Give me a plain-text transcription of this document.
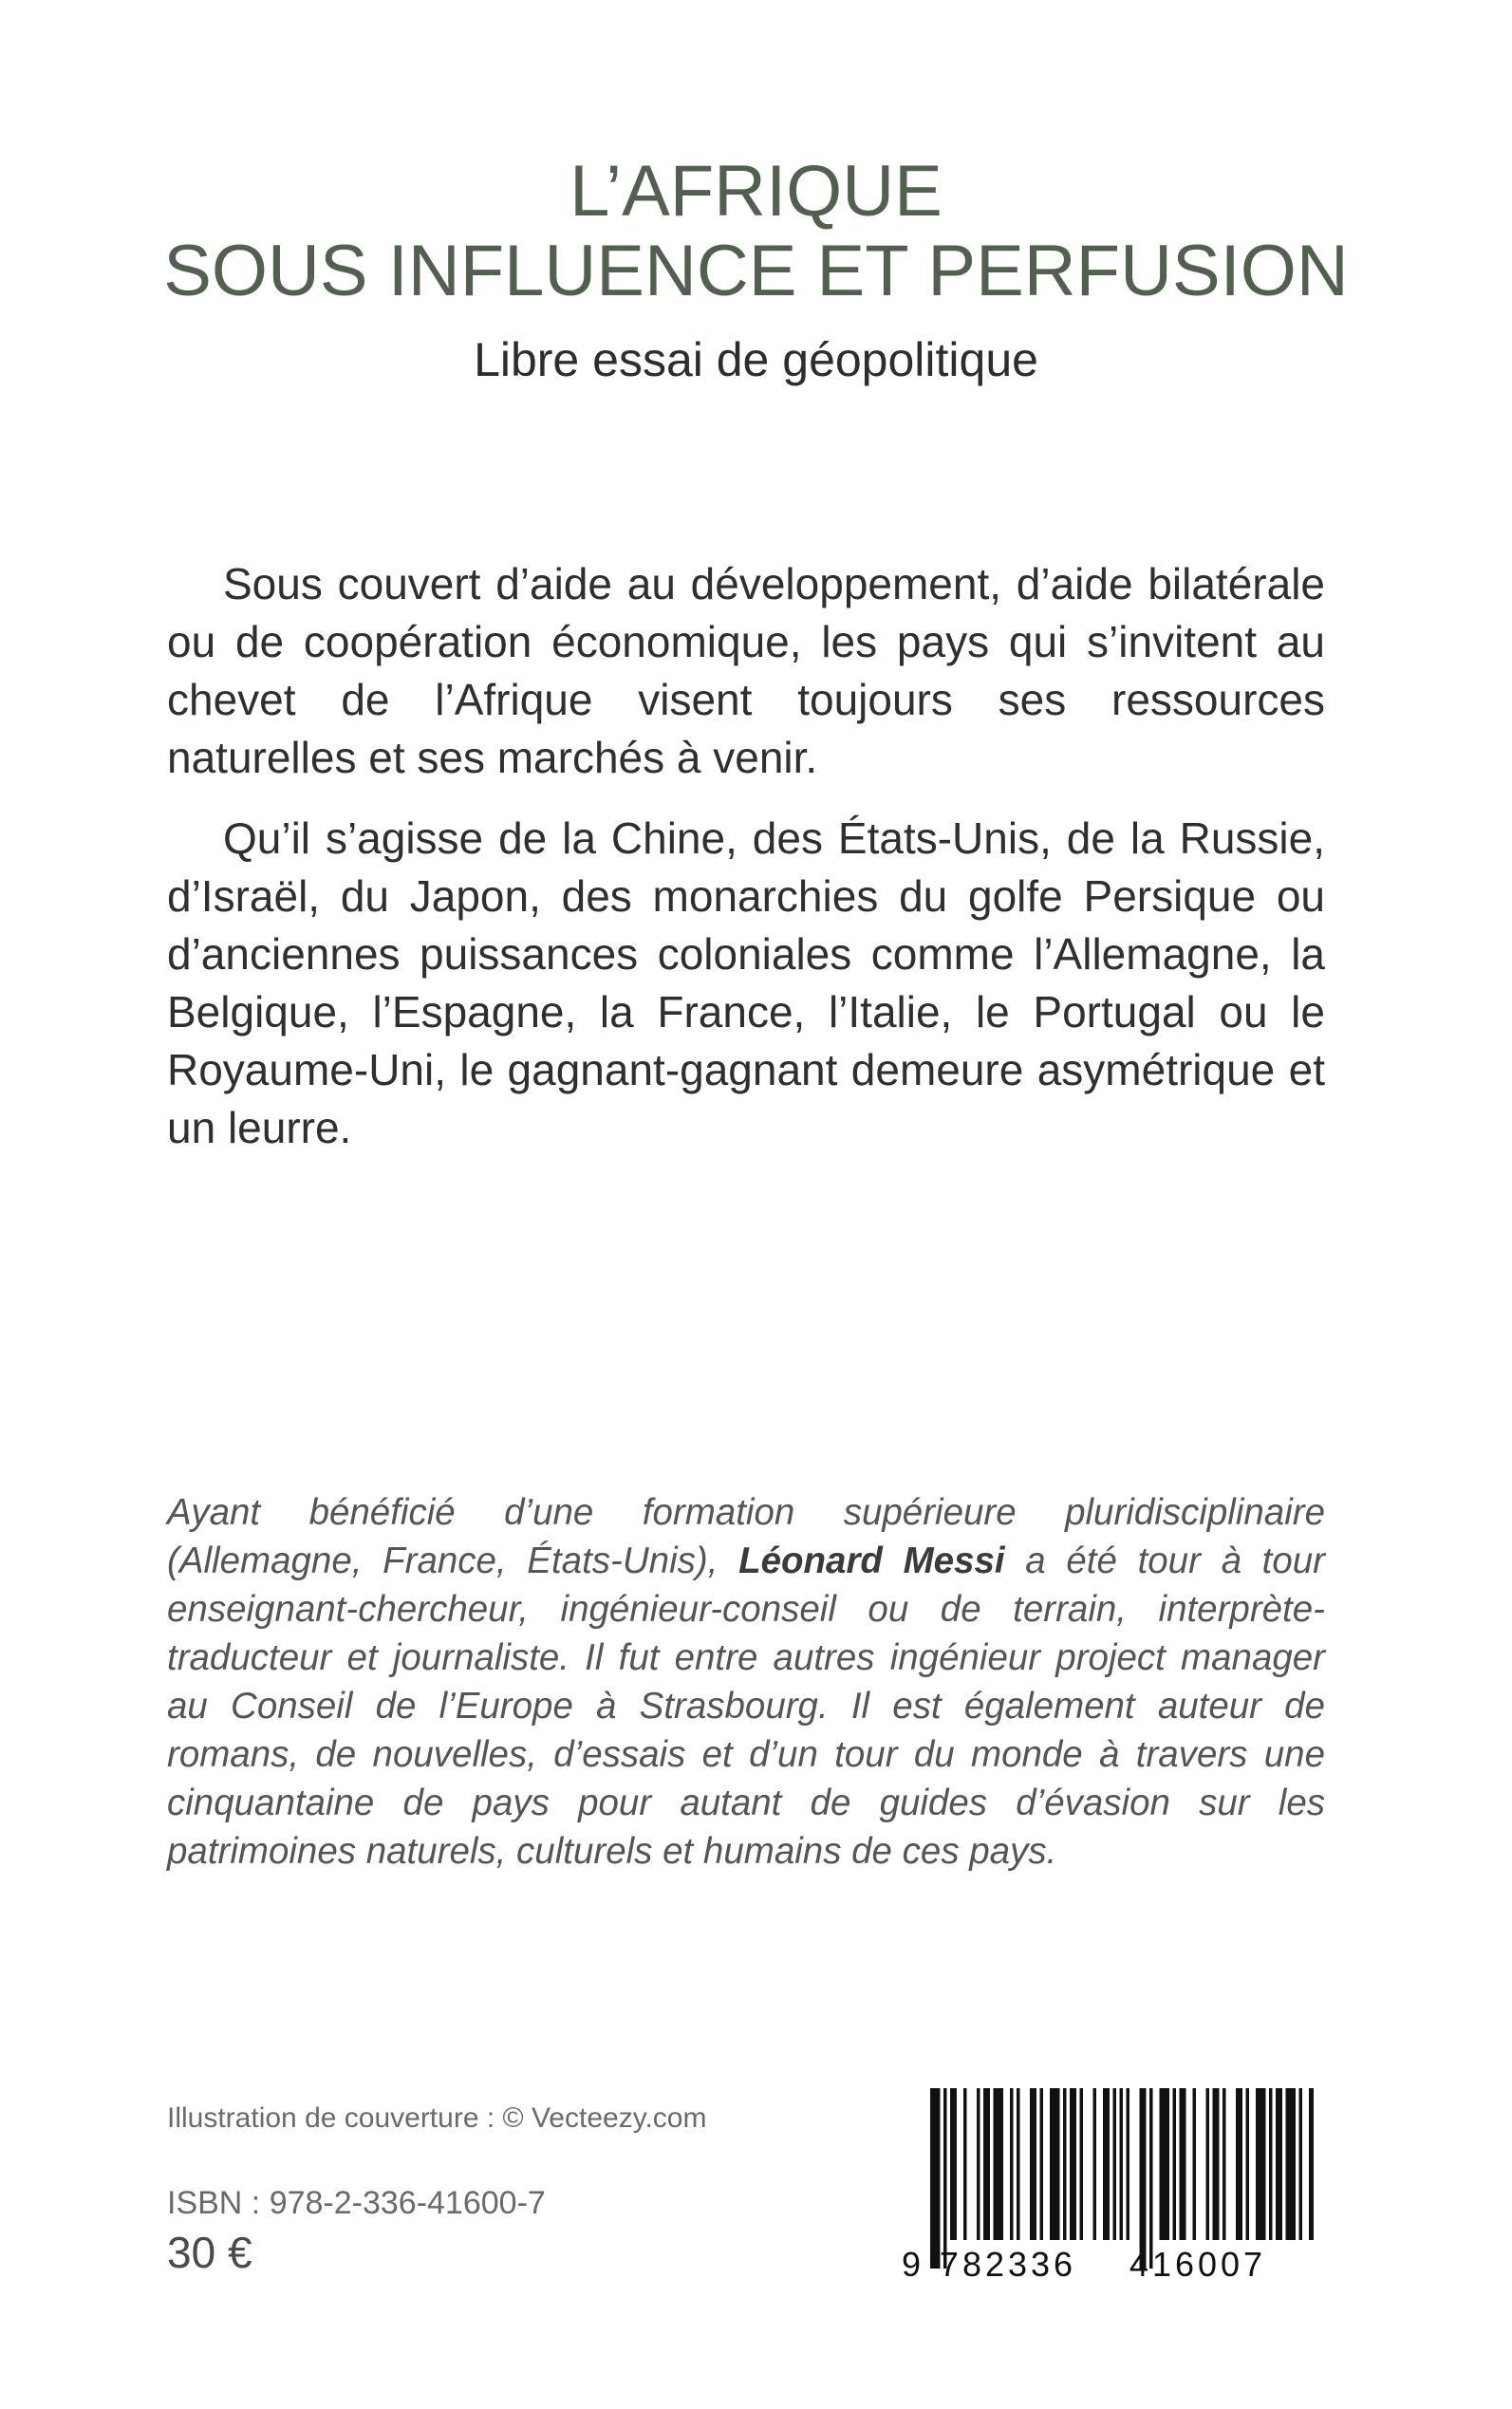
L’AFRIQUE
SOUS INFLUENCE ET PERFUSION
Libre essai de géopolitique

Sous couvert d’aide au développement, d’aide bilatérale ou de coopération économique, les pays qui s’invitent au chevet de l’Afrique visent toujours ses ressources naturelles et ses marchés à venir.

Qu’il s’agisse de la Chine, des États-Unis, de la Russie, d’Israël, du Japon, des monarchies du golfe Persique ou d’anciennes puissances coloniales comme l’Allemagne, la Belgique, l’Espagne, la France, l’Italie, le Portugal ou le Royaume-Uni, le gagnant-gagnant demeure asymétrique et un leurre.

Ayant bénéficié d’une formation supérieure pluridisciplinaire (Allemagne, France, États-Unis), Léonard Messi a été tour à tour enseignant-chercheur, ingénieur-conseil ou de terrain, interprète-traducteur et journaliste. Il fut entre autres ingénieur project manager au Conseil de l’Europe à Strasbourg. Il est également auteur de romans, de nouvelles, d’essais et d’un tour du monde à travers une cinquantaine de pays pour autant de guides d’évasion sur les patrimoines naturels, culturels et humains de ces pays.

Illustration de couverture : © Vecteezy.com
ISBN : 978-2-336-41600-7
30 €	9 782336 416007
